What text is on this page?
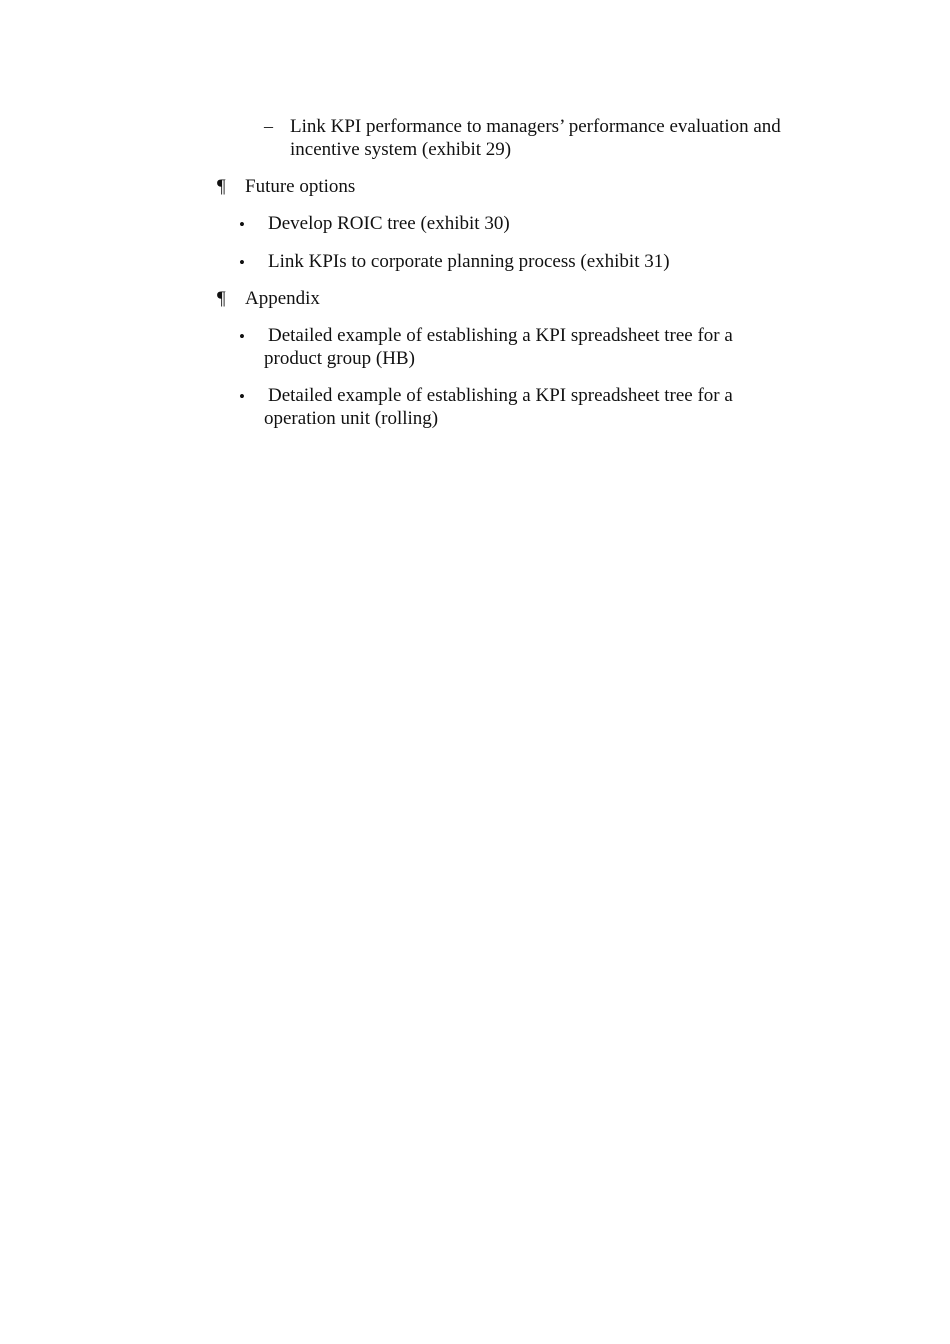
– Link KPI performance to managers’ performance evaluation and
incentive system (exhibit 29)
¶ Future options
• Develop ROIC tree (exhibit 30)
• Link KPIs to corporate planning process (exhibit 31)
¶ Appendix
• Detailed example of establishing a KPI spreadsheet tree for a
product group (HB)
• Detailed example of establishing a KPI spreadsheet tree for a
operation unit (rolling)
